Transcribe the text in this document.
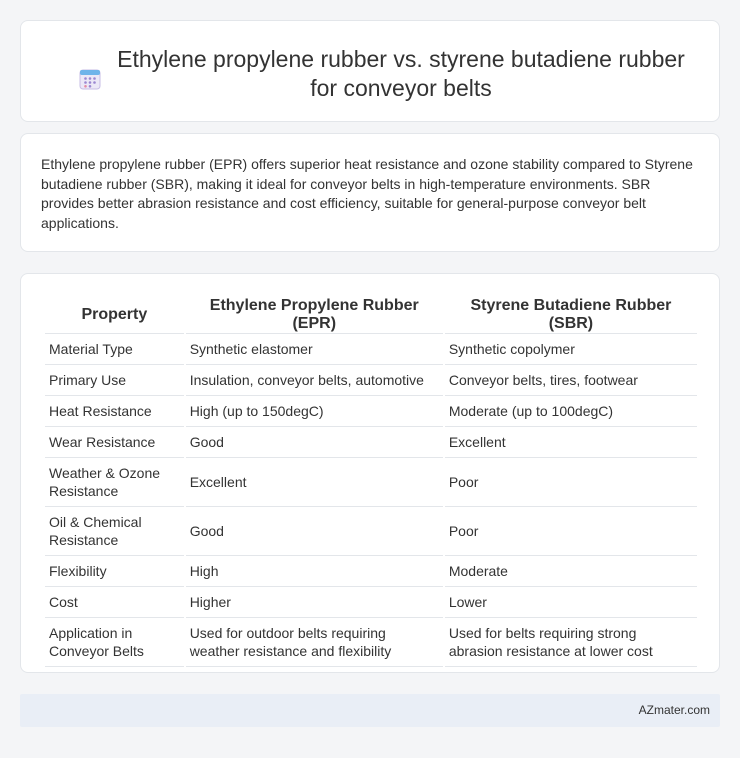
Ethylene propylene rubber vs. styrene butadiene rubber for conveyor belts

Ethylene propylene rubber (EPR) offers superior heat resistance and ozone stability compared to Styrene butadiene rubber (SBR), making it ideal for conveyor belts in high-temperature environments. SBR provides better abrasion resistance and cost efficiency, suitable for general-purpose conveyor belt applications.

Property	Ethylene Propylene Rubber (EPR)	Styrene Butadiene Rubber (SBR)
Material Type	Synthetic elastomer	Synthetic copolymer
Primary Use	Insulation, conveyor belts, automotive	Conveyor belts, tires, footwear
Heat Resistance	High (up to 150degC)	Moderate (up to 100degC)
Wear Resistance	Good	Excellent
Weather & Ozone Resistance	Excellent	Poor
Oil & Chemical Resistance	Good	Poor
Flexibility	High	Moderate
Cost	Higher	Lower
Application in Conveyor Belts	Used for outdoor belts requiring weather resistance and flexibility	Used for belts requiring strong abrasion resistance at lower cost
AZmater.com
